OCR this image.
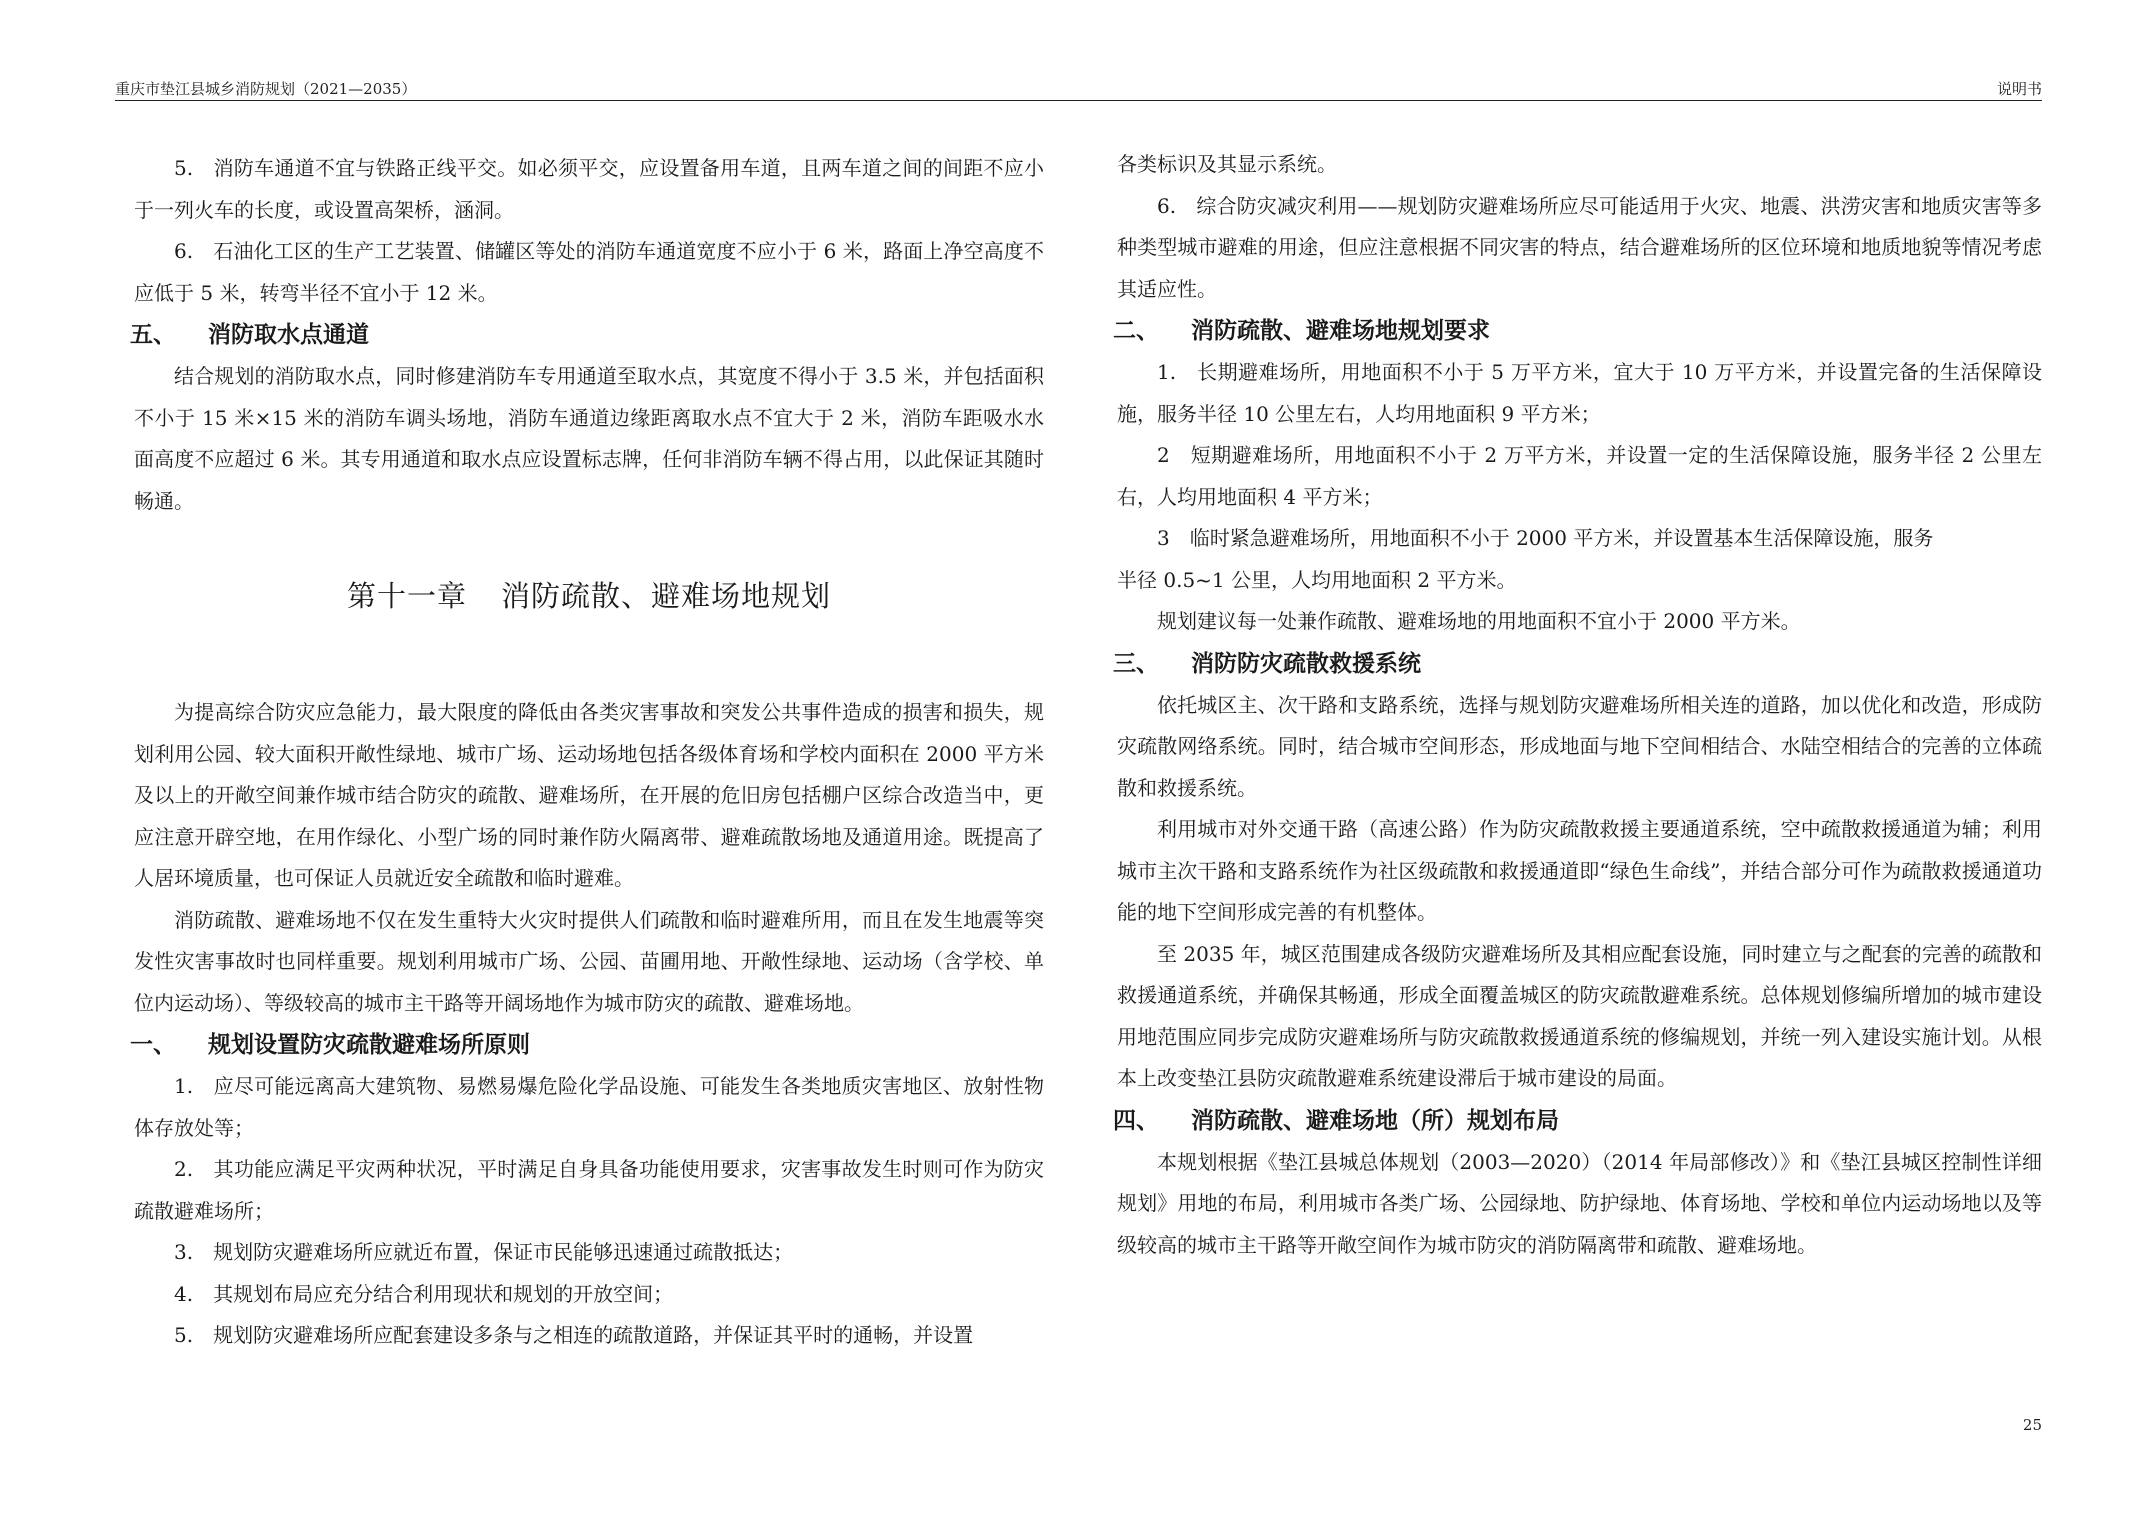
重庆市垫江县城乡消防规划（2021—2035）	说明书

5.　消防车通道不宜与铁路正线平交。如必须平交，应设置备用车道，且两车道之间的间距不应小于一列火车的长度，或设置高架桥，涵洞。

6.　石油化工区的生产工艺装置、储罐区等处的消防车通道宽度不应小于 6 米，路面上净空高度不应低于 5 米，转弯半径不宜小于 12 米。

五、 消防取水点通道

结合规划的消防取水点，同时修建消防车专用通道至取水点，其宽度不得小于 3.5 米，并包括面积不小于 15 米×15 米的消防车调头场地，消防车通道边缘距离取水点不宜大于 2 米，消防车距吸水水面高度不应超过 6 米。其专用通道和取水点应设置标志牌，任何非消防车辆不得占用，以此保证其随时畅通。

第十一章 消防疏散、避难场地规划

为提高综合防灾应急能力，最大限度的降低由各类灾害事故和突发公共事件造成的损害和损失，规划利用公园、较大面积开敞性绿地、城市广场、运动场地包括各级体育场和学校内面积在 2000 平方米及以上的开敞空间兼作城市结合防灾的疏散、避难场所，在开展的危旧房包括棚户区综合改造当中，更应注意开辟空地，在用作绿化、小型广场的同时兼作防火隔离带、避难疏散场地及通道用途。既提高了人居环境质量，也可保证人员就近安全疏散和临时避难。

消防疏散、避难场地不仅在发生重特大火灾时提供人们疏散和临时避难所用，而且在发生地震等突发性灾害事故时也同样重要。规划利用城市广场、公园、苗圃用地、开敞性绿地、运动场（含学校、单位内运动场）、等级较高的城市主干路等开阔场地作为城市防灾的疏散、避难场地。

一、 规划设置防灾疏散避难场所原则

1.　应尽可能远离高大建筑物、易燃易爆危险化学品设施、可能发生各类地质灾害地区、放射性物体存放处等；

2.　其功能应满足平灾两种状况，平时满足自身具备功能使用要求，灾害事故发生时则可作为防灾疏散避难场所；

3.　规划防灾避难场所应就近布置，保证市民能够迅速通过疏散抵达；

4.　其规划布局应充分结合利用现状和规划的开放空间；

5.　规划防灾避难场所应配套建设多条与之相连的疏散道路，并保证其平时的通畅，并设置

各类标识及其显示系统。

6.　综合防灾减灾利用——规划防灾避难场所应尽可能适用于火灾、地震、洪涝灾害和地质灾害等多种类型城市避难的用途，但应注意根据不同灾害的特点，结合避难场所的区位环境和地质地貌等情况考虑其适应性。

二、 消防疏散、避难场地规划要求

1.　长期避难场所，用地面积不小于 5 万平方米，宜大于 10 万平方米，并设置完备的生活保障设施，服务半径 10 公里左右，人均用地面积 9 平方米；

2　短期避难场所，用地面积不小于 2 万平方米，并设置一定的生活保障设施，服务半径 2 公里左右，人均用地面积 4 平方米；

3　临时紧急避难场所，用地面积不小于 2000 平方米，并设置基本生活保障设施，服务

半径 0.5~1 公里，人均用地面积 2 平方米。

规划建议每一处兼作疏散、避难场地的用地面积不宜小于 2000 平方米。

三、 消防防灾疏散救援系统

依托城区主、次干路和支路系统，选择与规划防灾避难场所相关连的道路，加以优化和改造，形成防灾疏散网络系统。同时，结合城市空间形态，形成地面与地下空间相结合、水陆空相结合的完善的立体疏散和救援系统。

利用城市对外交通干路（高速公路）作为防灾疏散救援主要通道系统，空中疏散救援通道为辅；利用城市主次干路和支路系统作为社区级疏散和救援通道即“绿色生命线”，并结合部分可作为疏散救援通道功能的地下空间形成完善的有机整体。

至 2035 年，城区范围建成各级防灾避难场所及其相应配套设施，同时建立与之配套的完善的疏散和救援通道系统，并确保其畅通，形成全面覆盖城区的防灾疏散避难系统。总体规划修编所增加的城市建设用地范围应同步完成防灾避难场所与防灾疏散救援通道系统的修编规划，并统一列入建设实施计划。从根本上改变垫江县防灾疏散避难系统建设滞后于城市建设的局面。

四、 消防疏散、避难场地（所）规划布局

本规划根据《垫江县城总体规划（2003—2020）（2014 年局部修改）》和《垫江县城区控制性详细规划》用地的布局，利用城市各类广场、公园绿地、防护绿地、体育场地、学校和单位内运动场地以及等级较高的城市主干路等开敞空间作为城市防灾的消防隔离带和疏散、避难场地。

25
